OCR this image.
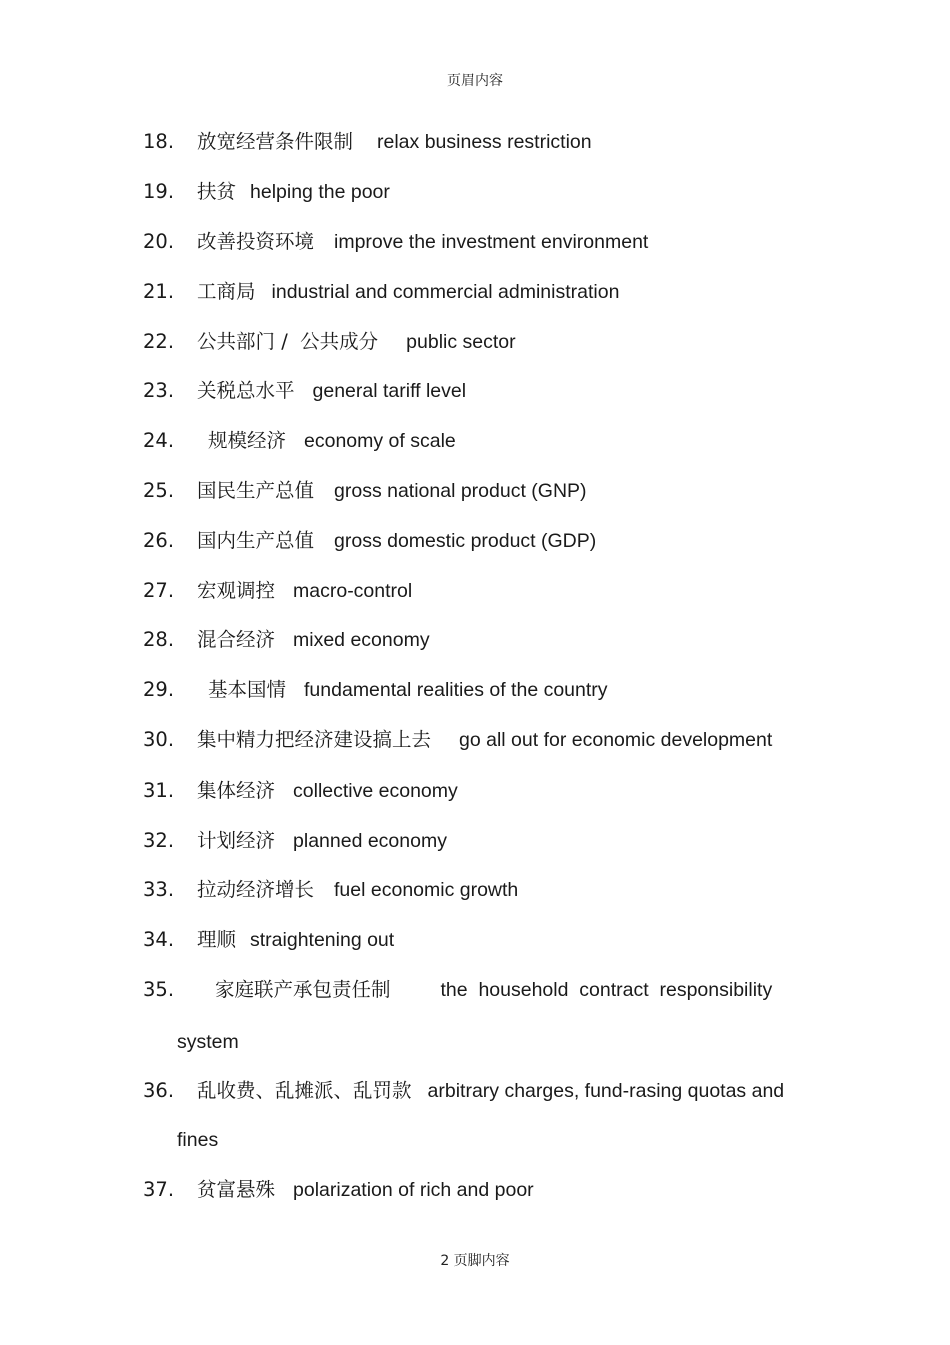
页眉内容
18. 放宽经营条件限制 relax business restriction
19. 扶贫 helping the poor
20. 改善投资环境 improve the investment environment
21. 工商局 industrial and commercial administration
22. 公共部门 /  公共成分 public sector
23. 关税总水平 general tariff level
24. 规模经济 economy of scale
25. 国民生产总值 gross national product (GNP)
26. 国内生产总值 gross domestic product (GDP)
27. 宏观调控 macro-control
28. 混合经济 mixed economy
29. 基本国情 fundamental realities of the country
30. 集中精力把经济建设搞上去 go all out for economic development
31. 集体经济 collective economy
32. 计划经济 planned economy
33. 拉动经济增长 fuel economic growth
34. 理顺 straightening out
35. 家庭联产承包责任制	the  household  contract  responsibility
system
36. 乱收费、乱摊派、乱罚款 arbitrary charges, fund-rasing quotas and
fines
37. 贫富悬殊 polarization of rich and poor
2 页脚内容
